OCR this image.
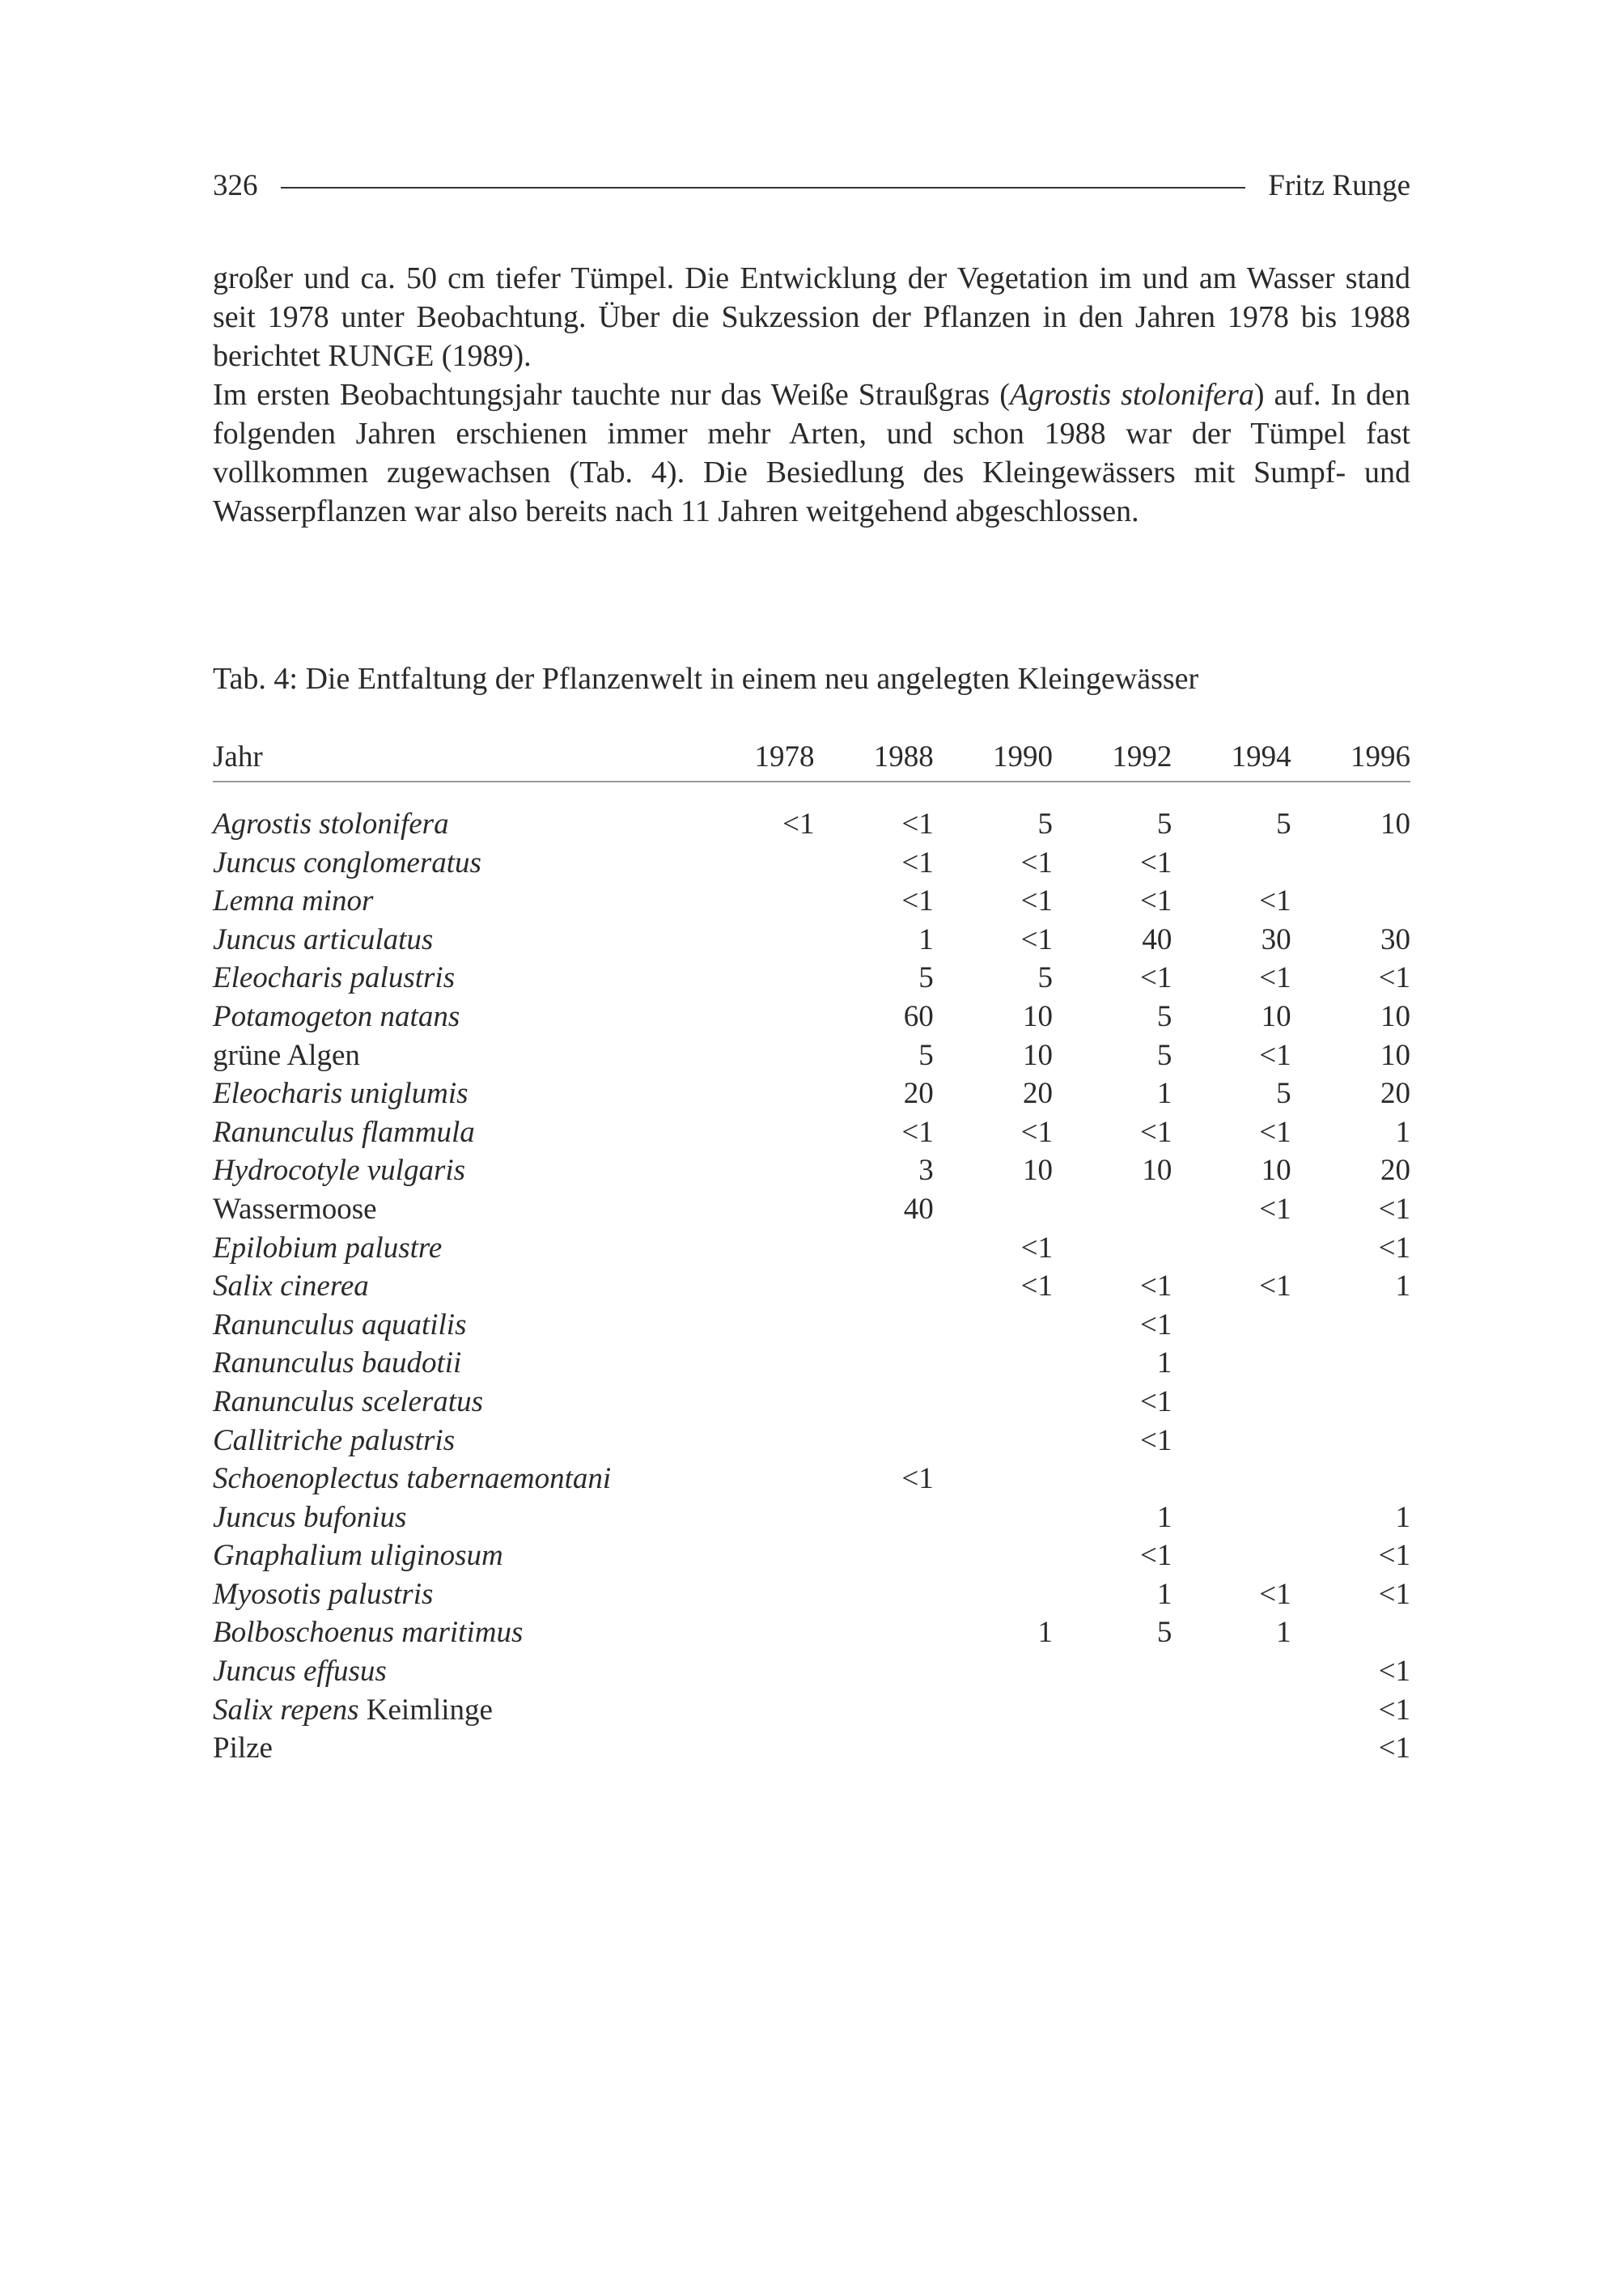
326	Fritz Runge

großer und ca. 50 cm tiefer Tümpel. Die Entwicklung der Vegetation im und am Wasser stand seit 1978 unter Beobachtung. Über die Sukzession der Pflanzen in den Jahren 1978 bis 1988 berichtet RUNGE (1989).

Im ersten Beobachtungsjahr tauchte nur das Weiße Straußgras (Agrostis stolonifera) auf. In den folgenden Jahren erschienen immer mehr Arten, und schon 1988 war der Tümpel fast vollkommen zugewachsen (Tab. 4). Die Besiedlung des Kleingewässers mit Sumpf- und Wasserpflanzen war also bereits nach 11 Jahren weitgehend abgeschlossen.

Tab. 4: Die Entfaltung der Pflanzenwelt in einem neu angelegten Kleingewässer
Jahr	1978	1988	1990	1992	1994	1996

Agrostis stolonifera	<1	<1	5	5	5	10
Juncus conglomeratus		<1	<1	<1		
Lemna minor		<1	<1	<1	<1	
Juncus articulatus		1	<1	40	30	30
Eleocharis palustris		5	5	<1	<1	<1
Potamogeton natans		60	10	5	10	10
grüne Algen		5	10	5	<1	10
Eleocharis uniglumis		20	20	1	5	20
Ranunculus flammula		<1	<1	<1	<1	1
Hydrocotyle vulgaris		3	10	10	10	20
Wassermoose		40			<1	<1
Epilobium palustre			<1			<1
Salix cinerea			<1	<1	<1	1
Ranunculus aquatilis				<1		
Ranunculus baudotii				1		
Ranunculus sceleratus				<1		
Callitriche palustris				<1		
Schoenoplectus tabernaemontani		<1				
Juncus bufonius				1		1
Gnaphalium uliginosum				<1		<1
Myosotis palustris				1	<1	<1
Bolboschoenus maritimus			1	5	1	
Juncus effusus						<1
Salix repens Keimlinge						<1
Pilze						<1
